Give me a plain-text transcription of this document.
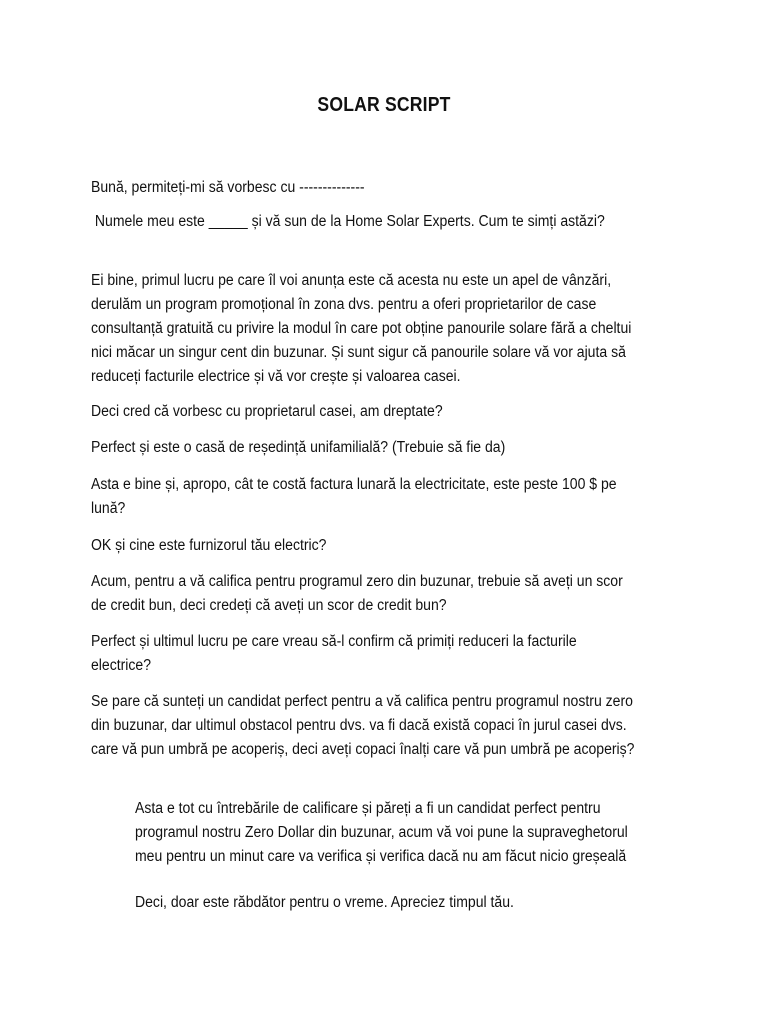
SOLAR SCRIPT

Bună, permiteți-mi să vorbesc cu --------------

Numele meu este _____ și vă sun de la Home Solar Experts. Cum te simți astăzi?

Ei bine, primul lucru pe care îl voi anunța este că acesta nu este un apel de vânzări,
derulăm un program promoțional în zona dvs. pentru a oferi proprietarilor de case
consultanță gratuită cu privire la modul în care pot obține panourile solare fără a cheltui
nici măcar un singur cent din buzunar. Și sunt sigur că panourile solare vă vor ajuta să
reduceți facturile electrice și vă vor crește și valoarea casei.

Deci cred că vorbesc cu proprietarul casei, am dreptate?

Perfect și este o casă de reședință unifamilială? (Trebuie să fie da)

Asta e bine și, apropo, cât te costă factura lunară la electricitate, este peste 100 $ pe
lună?

OK și cine este furnizorul tău electric?

Acum, pentru a vă califica pentru programul zero din buzunar, trebuie să aveți un scor
de credit bun, deci credeți că aveți un scor de credit bun?

Perfect și ultimul lucru pe care vreau să-l confirm că primiți reduceri la facturile
electrice?

Se pare că sunteți un candidat perfect pentru a vă califica pentru programul nostru zero
din buzunar, dar ultimul obstacol pentru dvs. va fi dacă există copaci în jurul casei dvs.
care vă pun umbră pe acoperiș, deci aveți copaci înalți care vă pun umbră pe acoperiș?

Asta e tot cu întrebările de calificare și păreți a fi un candidat perfect pentru
programul nostru Zero Dollar din buzunar, acum vă voi pune la supraveghetorul
meu pentru un minut care va verifica și verifica dacă nu am făcut nicio greșeală

Deci, doar este răbdător pentru o vreme. Apreciez timpul tău.
